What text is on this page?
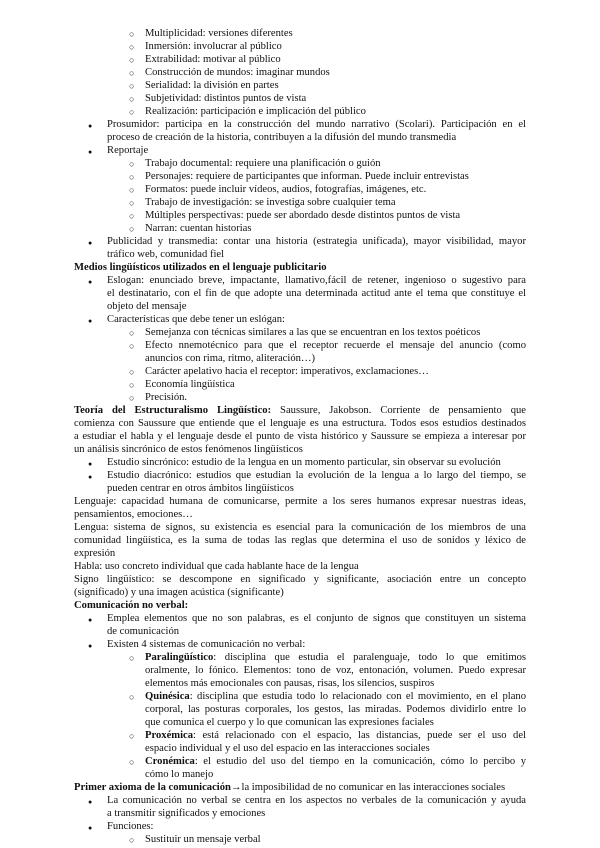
○
Multiplicidad: versiones diferentes
○
Inmersión: involucrar al público
○
Extrabilidad: motivar al público
○
Construcción de mundos: imaginar mundos
○
Serialidad: la división en partes
○
Subjetividad: distintos puntos de vista
○
Realización: participación e implicación del público
●
Prosumidor: participa en la construcción del mundo narrativo (Scolari). Participación en el
proceso de creación de la historia, contribuyen a la difusión del mundo transmedia
●
Reportaje
○
Trabajo documental: requiere una planificación o guión
○
Personajes: requiere de participantes que informan. Puede incluir entrevistas
○
Formatos: puede incluir vídeos, audios, fotografías, imágenes, etc.
○
Trabajo de investigación: se investiga sobre cualquier tema
○
Múltiples perspectivas: puede ser abordado desde distintos puntos de vista
○
Narran: cuentan historias
●
Publicidad y transmedia: contar una historia (estrategia unificada), mayor visibilidad, mayor
tráfico web, comunidad fiel
Medios lingüísticos utilizados en el lenguaje publicitario
●
Eslogan: enunciado breve, impactante, llamativo,fácil de retener, ingenioso o sugestivo para
el destinatario, con el fin de que adopte una determinada actitud ante el tema que constituye el
objeto del mensaje
●
Características que debe tener un eslógan:
○
Semejanza con técnicas similares a las que se encuentran en los textos poéticos
○
Efecto nnemotécnico para que el receptor recuerde el mensaje del anuncio (como
anuncios con rima, ritmo, aliteración…)
○
Carácter apelativo hacia el receptor: imperativos, exclamaciones…
○
Economía lingüística
○
Precisión.
Teoría del Estructuralismo Lingüístico: Saussure, Jakobson. Corriente de pensamiento que
comienza con Saussure que entiende que el lenguaje es una estructura. Todos esos estudios destinados
a estudiar el habla y el lenguaje desde el punto de vista histórico y Saussure se empieza a interesar por
un análisis sincrónico de estos fenómenos lingüísticos
●
Estudio sincrónico: estudio de la lengua en un momento particular, sin observar su evolución
●
Estudio diacrónico: estudios que estudian la evolución de la lengua a lo largo del tiempo, se
pueden centrar en otros ámbitos lingüísticos
Lenguaje: capacidad humana de comunicarse, permite a los seres humanos expresar nuestras ideas,
pensamientos, emociones…
Lengua: sistema de signos, su existencia es esencial para la comunicación de los miembros de una
comunidad lingüística, es la suma de todas las reglas que determina el uso de sonidos y léxico de
expresión
Habla: uso concreto individual que cada hablante hace de la lengua
Signo lingüístico: se descompone en significado y significante, asociación entre un concepto
(significado) y una imagen acústica (significante)
Comunicación no verbal:
●
Emplea elementos que no son palabras, es el conjunto de signos que constituyen un sistema
de comunicación
●
Existen 4 sistemas de comunicación no verbal:
○
Paralingüístico: disciplina que estudia el paralenguaje, todo lo que emitimos
oralmente, lo fónico. Elementos: tono de voz, entonación, volumen. Puedo expresar
elementos más emocionales con pausas, risas, los silencios, suspiros
○
Quinésica: disciplina que estudia todo lo relacionado con el movimiento, en el plano
corporal, las posturas corporales, los gestos, las miradas. Podemos dividirlo entre lo
que comunica el cuerpo y lo que comunican las expresiones faciales
○
Proxémica: está relacionado con el espacio, las distancias, puede ser el uso del
espacio individual y el uso del espacio en las interacciones sociales
○
Cronémica: el estudio del uso del tiempo en la comunicación, cómo lo percibo y
cómo lo manejo
Primer axioma de la comunicación→la imposibilidad de no comunicar en las interacciones sociales
●
La comunicación no verbal se centra en los aspectos no verbales de la comunicación y ayuda
a transmitir significados y emociones
●
Funciones:
○
Sustituir un mensaje verbal
